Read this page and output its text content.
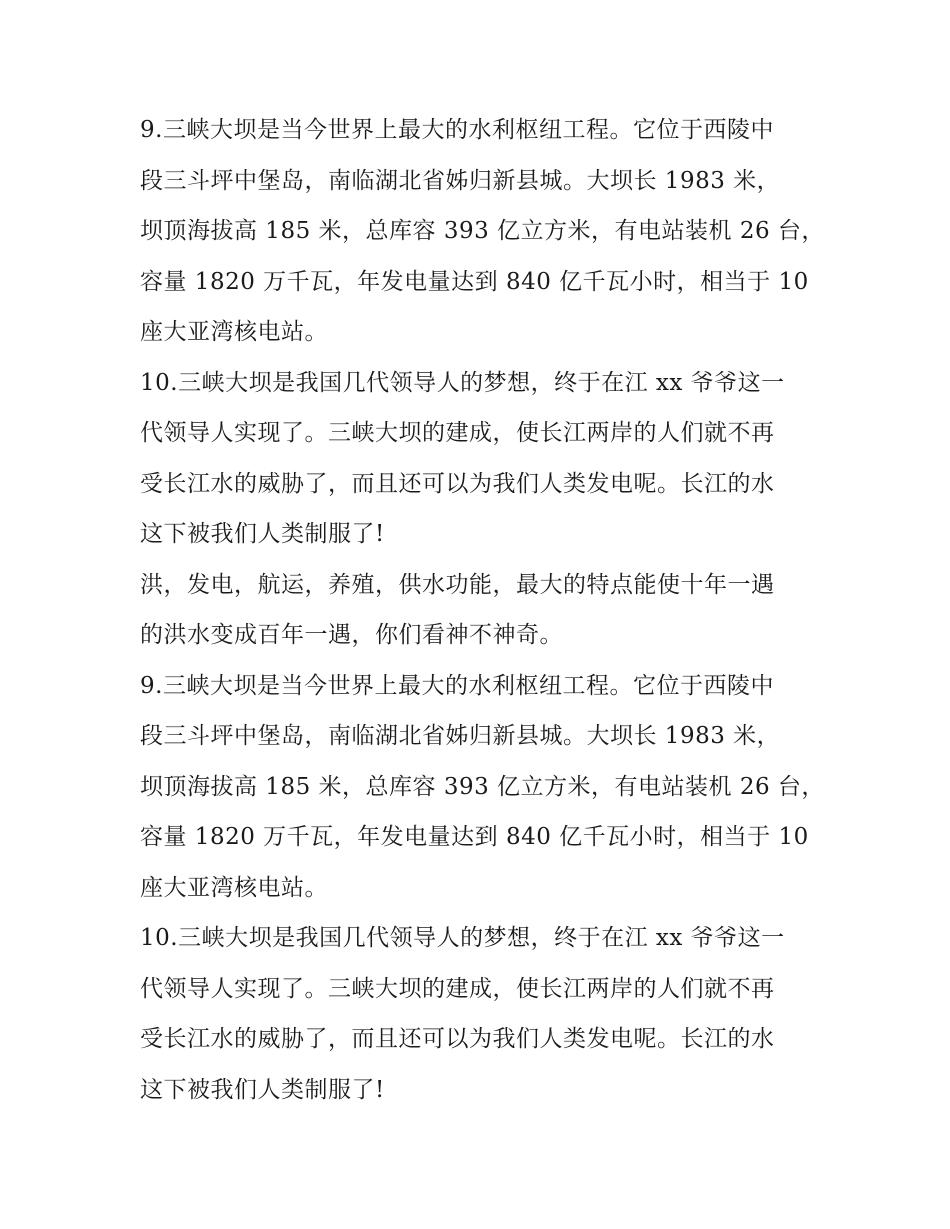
9.三峡大坝是当今世界上最大的水利枢纽工程。它位于西陵中
段三斗坪中堡岛，南临湖北省姊归新县城。大坝长 1983 米，
坝顶海拔高 185 米，总库容 393 亿立方米，有电站装机 26 台，
容量 1820 万千瓦，年发电量达到 840 亿千瓦小时，相当于 10
座大亚湾核电站。
10.三峡大坝是我国几代领导人的梦想，终于在江 xx 爷爷这一
代领导人实现了。三峡大坝的建成，使长江两岸的人们就不再
受长江水的威胁了，而且还可以为我们人类发电呢。长江的水
这下被我们人类制服了!
洪，发电，航运，养殖，供水功能，最大的特点能使十年一遇
的洪水变成百年一遇，你们看神不神奇。
9.三峡大坝是当今世界上最大的水利枢纽工程。它位于西陵中
段三斗坪中堡岛，南临湖北省姊归新县城。大坝长 1983 米，
坝顶海拔高 185 米，总库容 393 亿立方米，有电站装机 26 台，
容量 1820 万千瓦，年发电量达到 840 亿千瓦小时，相当于 10
座大亚湾核电站。
10.三峡大坝是我国几代领导人的梦想，终于在江 xx 爷爷这一
代领导人实现了。三峡大坝的建成，使长江两岸的人们就不再
受长江水的威胁了，而且还可以为我们人类发电呢。长江的水
这下被我们人类制服了!
